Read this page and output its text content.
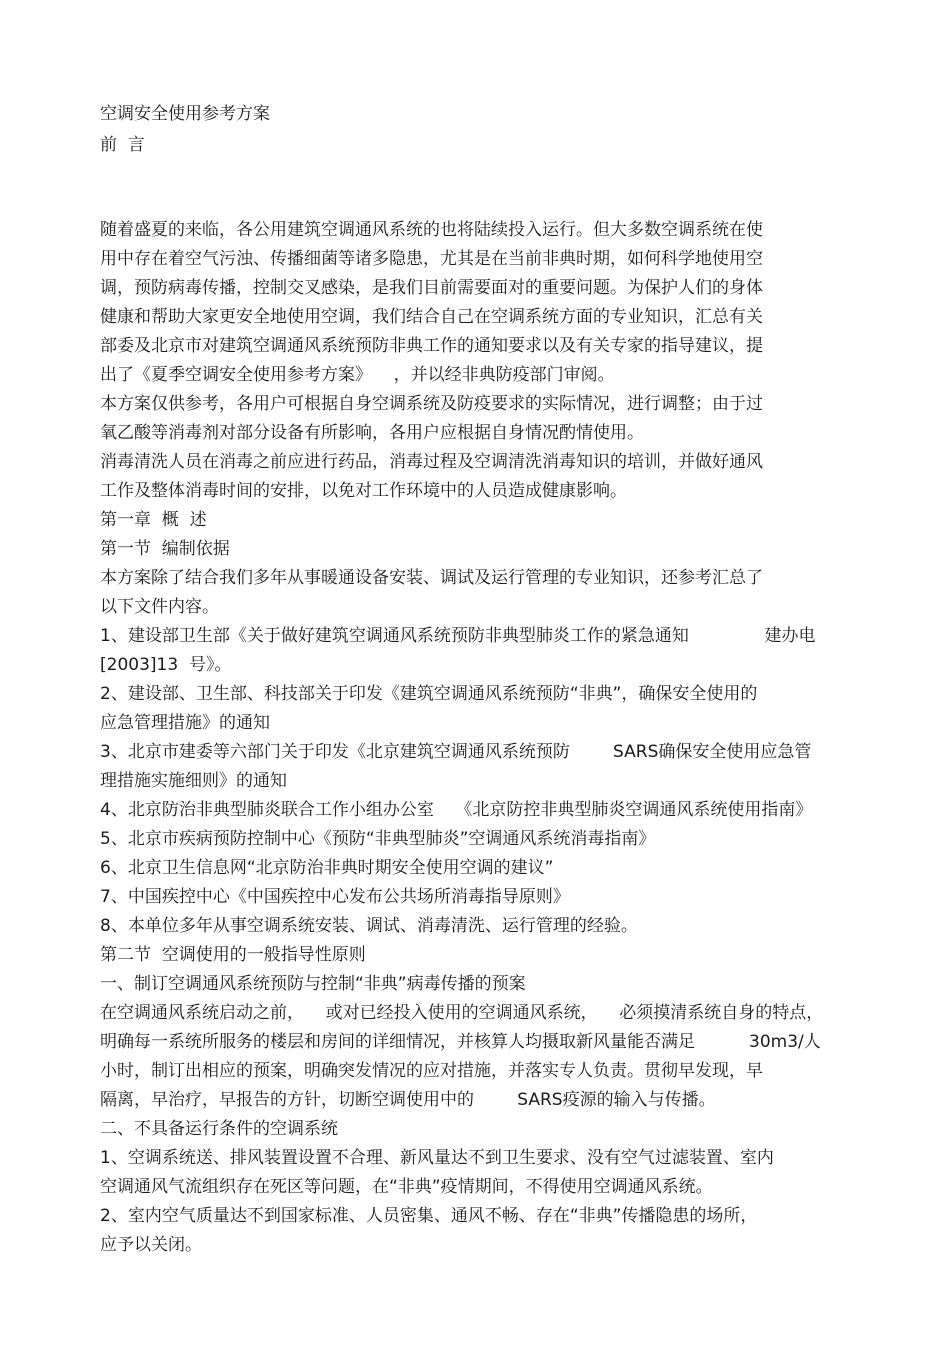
空调安全使用参考方案

前  言

随着盛夏的来临，各公用建筑空调通风系统的也将陆续投入运行。但大多数空调系统在使

用中存在着空气污浊、传播细菌等诸多隐患，尤其是在当前非典时期，如何科学地使用空

调，预防病毒传播，控制交叉感染，是我们目前需要面对的重要问题。为保护人们的身体

健康和帮助大家更安全地使用空调，我们结合自己在空调系统方面的专业知识，汇总有关

部委及北京市对建筑空调通风系统预防非典工作的通知要求以及有关专家的指导建议，提

出了《夏季空调安全使用参考方案》    ，并以经非典防疫部门审阅。

本方案仅供参考，各用户可根据自身空调系统及防疫要求的实际情况，进行调整；由于过

氧乙酸等消毒剂对部分设备有所影响，各用户应根据自身情况酌情使用。

消毒清洗人员在消毒之前应进行药品，消毒过程及空调清洗消毒知识的培训，并做好通风

工作及整体消毒时间的安排，以免对工作环境中的人员造成健康影响。

第一章  概  述

第一节  编制依据

本方案除了结合我们多年从事暖通设备安装、调试及运行管理的专业知识，还参考汇总了

以下文件内容。

1、建设部卫生部《关于做好建筑空调通风系统预防非典型肺炎工作的紧急通知              建办电

[2003]13  号》。

2、建设部、卫生部、科技部关于印发《建筑空调通风系统预防“非典”，确保安全使用的

应急管理措施》的通知

3、北京市建委等六部门关于印发《北京建筑空调通风系统预防        SARS确保安全使用应急管

理措施实施细则》的通知

4、北京防治非典型肺炎联合工作小组办公室    《北京防控非典型肺炎空调通风系统使用指南》

5、北京市疾病预防控制中心《预防“非典型肺炎”空调通风系统消毒指南》

6、北京卫生信息网“北京防治非典时期安全使用空调的建议”

7、中国疾控中心《中国疾控中心发布公共场所消毒指导原则》

8、本单位多年从事空调系统安装、调试、消毒清洗、运行管理的经验。

第二节  空调使用的一般指导性原则

一、制订空调通风系统预防与控制“非典”病毒传播的预案

在空调通风系统启动之前，    或对已经投入使用的空调通风系统，    必须摸清系统自身的特点，

明确每一系统所服务的楼层和房间的详细情况，并核算人均摄取新风量能否满足          30m3/人

小时，制订出相应的预案，明确突发情况的应对措施，并落实专人负责。贯彻早发现，早

隔离，早治疗，早报告的方针，切断空调使用中的        SARS疫源的输入与传播。

二、不具备运行条件的空调系统

1、空调系统送、排风装置设置不合理、新风量达不到卫生要求、没有空气过滤装置、室内

空调通风气流组织存在死区等问题，在“非典”疫情期间，不得使用空调通风系统。

2、室内空气质量达不到国家标准、人员密集、通风不畅、存在“非典”传播隐患的场所，

应予以关闭。
